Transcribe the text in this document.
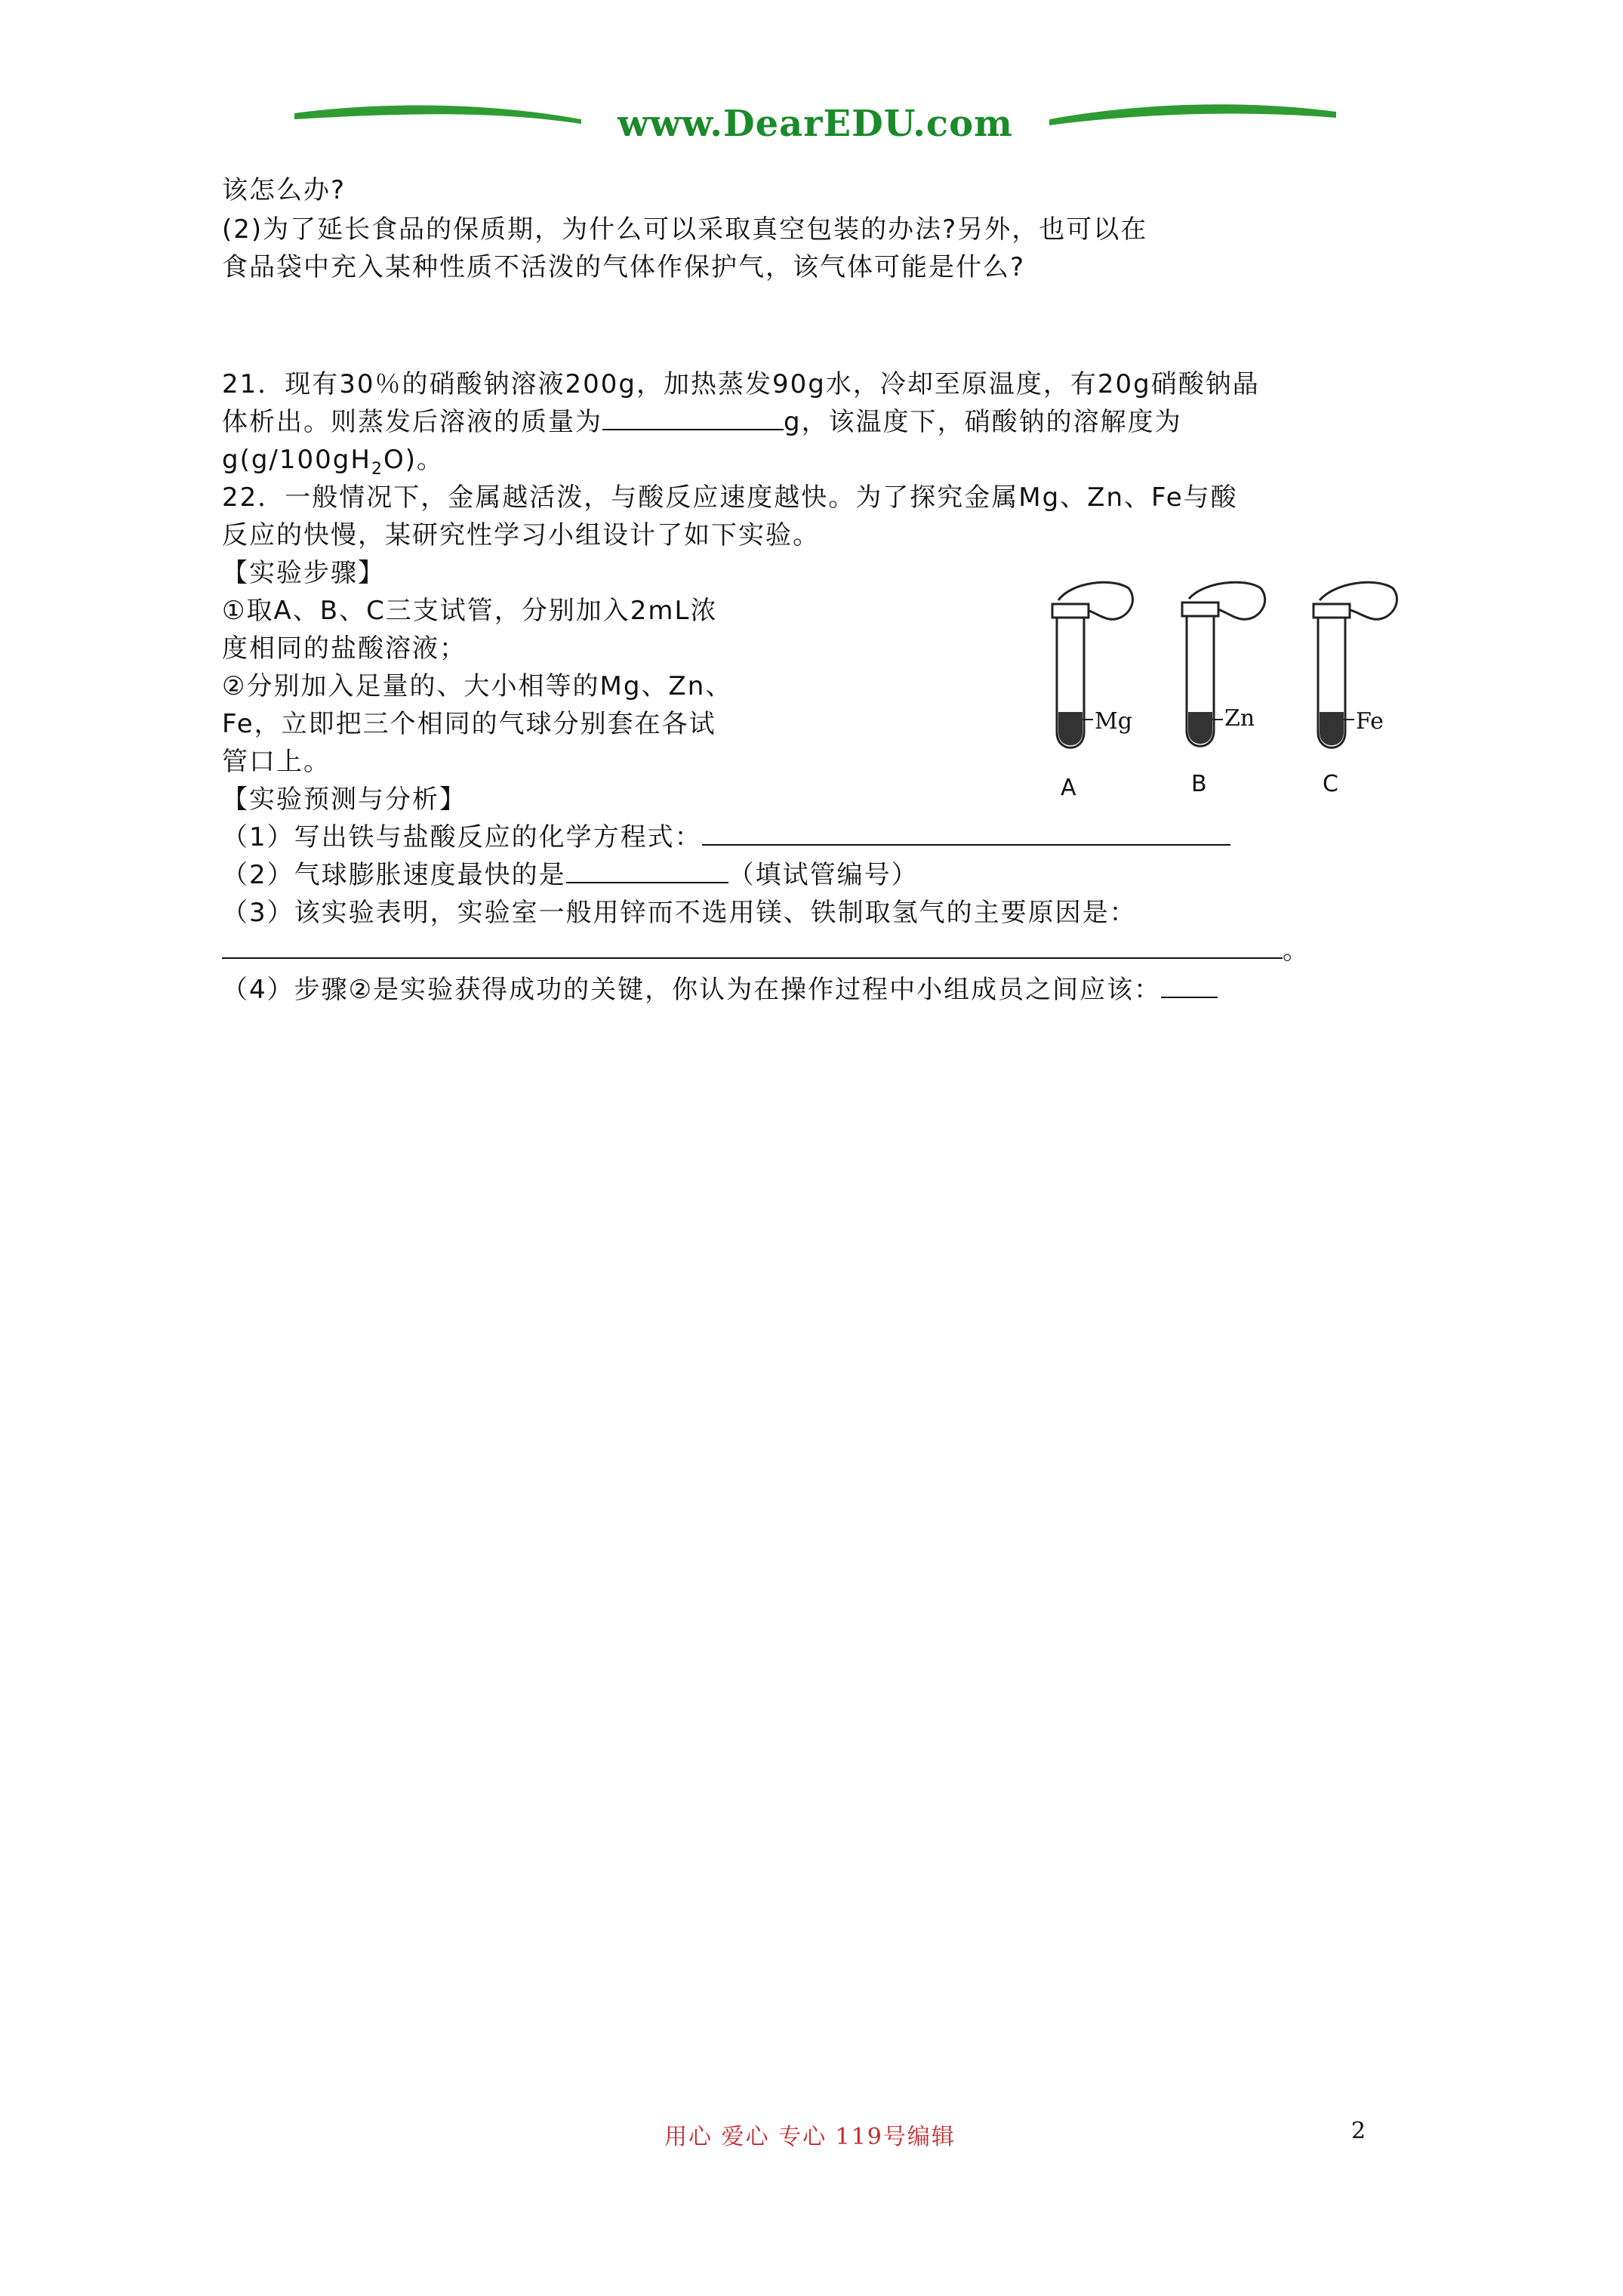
www.DearEDU.com
该怎么办?
(2)为了延长食品的保质期，为什么可以采取真空包装的办法?另外，也可以在
食品袋中充入某种性质不活泼的气体作保护气，该气体可能是什么?
21．现有30％的硝酸钠溶液200g，加热蒸发90g水，冷却至原温度，有20g硝酸钠晶
体析出。则蒸发后溶液的质量为	g，该温度下，硝酸钠的溶解度为
$g(g/100gH_2O)$。
22．一般情况下，金属越活泼，与酸反应速度越快。为了探究金属Mg、Zn、Fe与酸
反应的快慢，某研究性学习小组设计了如下实验。
【实验步骤】
①取A、B、C三支试管，分别加入2mL浓
度相同的盐酸溶液；
②分别加入足量的、大小相等的Mg、Zn、
Fe，立即把三个相同的气球分别套在各试
管口上。
【实验预测与分析】
（1）写出铁与盐酸反应的化学方程式：
（2）气球膨胀速度最快的是	（填试管编号）
（3）该实验表明，实验室一般用锌而不选用镁、铁制取氢气的主要原因是：
。
（4）步骤②是实验获得成功的关键，你认为在操作过程中小组成员之间应该：
Mg	Zn	Fe
A	B	C
用心 爱心 专心 119号编辑	2
